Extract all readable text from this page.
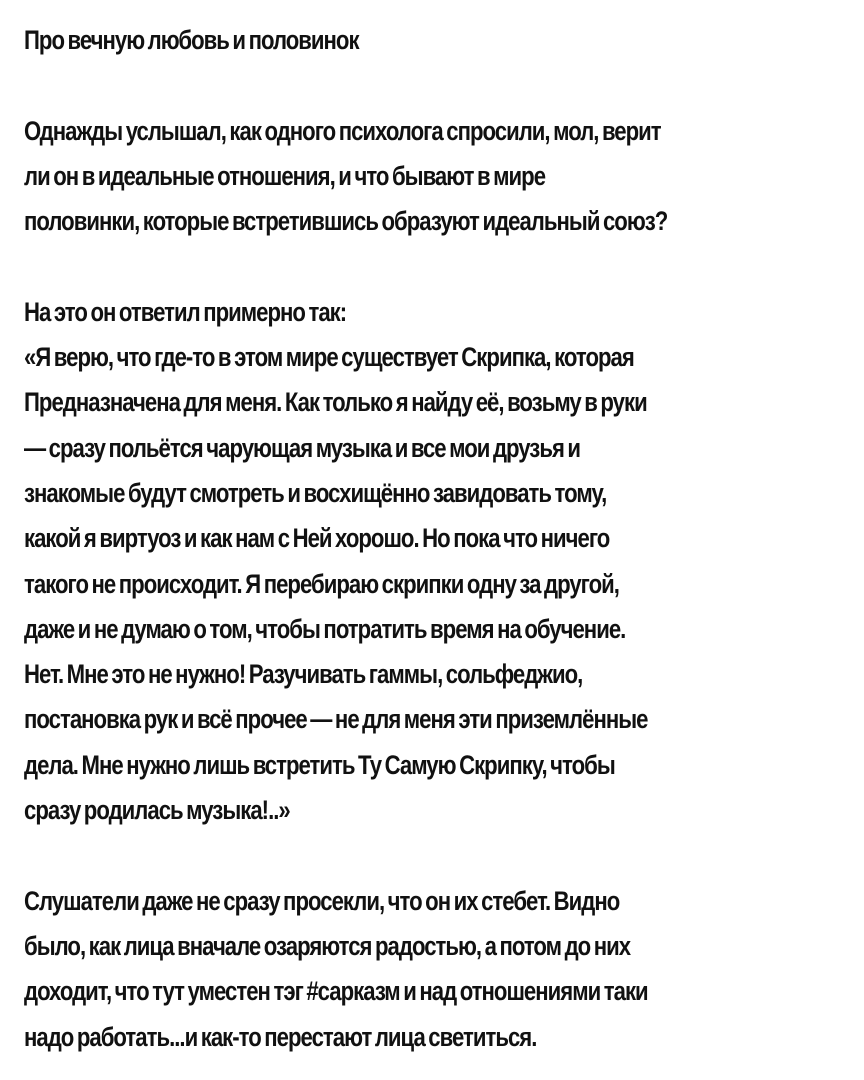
Про вечную любовь и половинок
Однажды услышал, как одного психолога спросили, мол, верит
ли он в идеальные отношения, и что бывают в мире
половинки, которые встретившись образуют идеальный союз?
На это он ответил примерно так:
«Я верю, что где-то в этом мире существует Скрипка, которая
Предназначена для меня. Как только я найду её, возьму в руки
— сразу польётся чарующая музыка и все мои друзья и
знакомые будут смотреть и восхищённо завидовать тому,
какой я виртуоз и как нам с Ней хорошо. Но пока что ничего
такого не происходит. Я перебираю скрипки одну за другой,
даже и не думаю о том, чтобы потратить время на обучение.
Нет. Мне это не нужно! Разучивать гаммы, сольфеджио,
постановка рук и всё прочее — не для меня эти приземлённые
дела. Мне нужно лишь встретить Ту Самую Скрипку, чтобы
сразу родилась музыка!..»
Слушатели даже не сразу просекли, что он их стебет. Видно
было, как лица вначале озаряются радостью, а потом до них
доходит, что тут уместен тэг #сарказм и над отношениями таки
надо работать...и как-то перестают лица светиться.
